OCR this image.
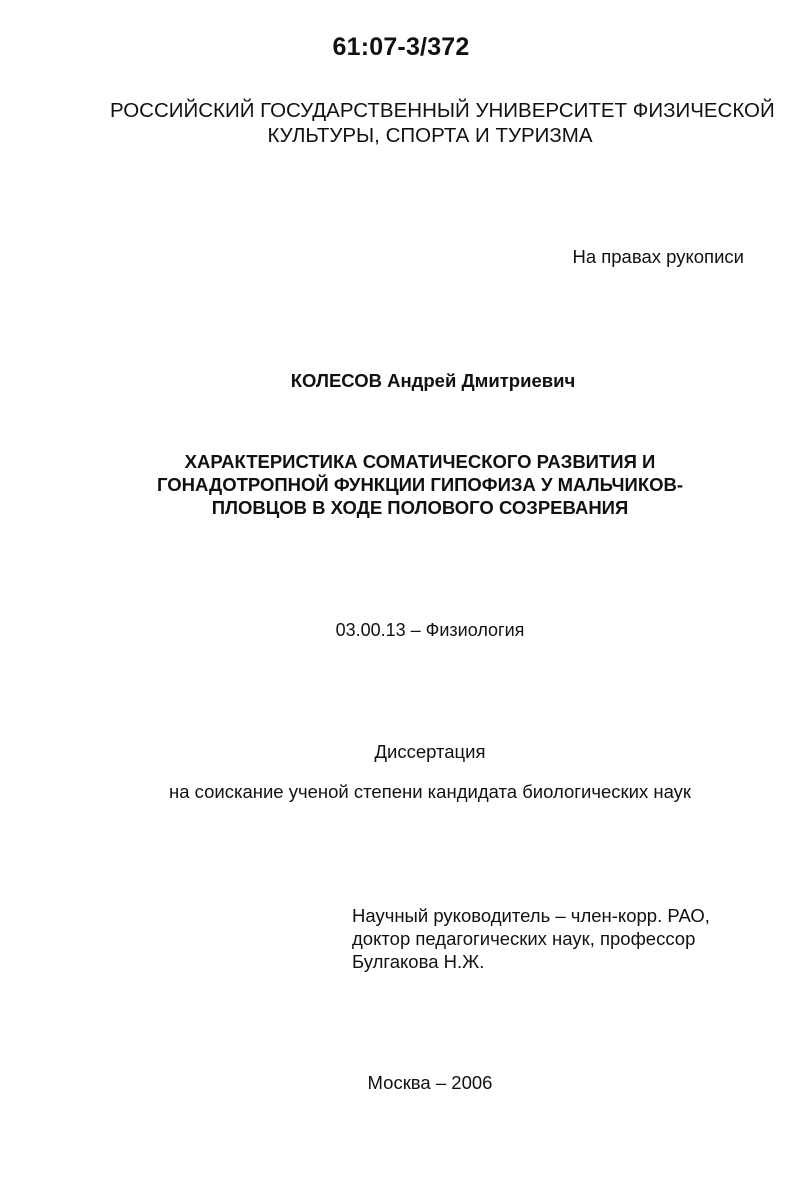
61:07-3/372
РОССИЙСКИЙ ГОСУДАРСТВЕННЫЙ УНИВЕРСИТЕТ ФИЗИЧЕСКОЙ
КУЛЬТУРЫ, СПОРТА И ТУРИЗМА
На правах рукописи
КОЛЕСОВ Андрей Дмитриевич
ХАРАКТЕРИСТИКА СОМАТИЧЕСКОГО РАЗВИТИЯ И
ГОНАДОТРОПНОЙ ФУНКЦИИ ГИПОФИЗА У МАЛЬЧИКОВ-
ПЛОВЦОВ В ХОДЕ ПОЛОВОГО СОЗРЕВАНИЯ
03.00.13 – Физиология
Диссертация
на соискание ученой степени кандидата биологических наук
Научный руководитель – член-корр. РАО,
доктор педагогических наук, профессор
Булгакова Н.Ж.
Москва – 2006
